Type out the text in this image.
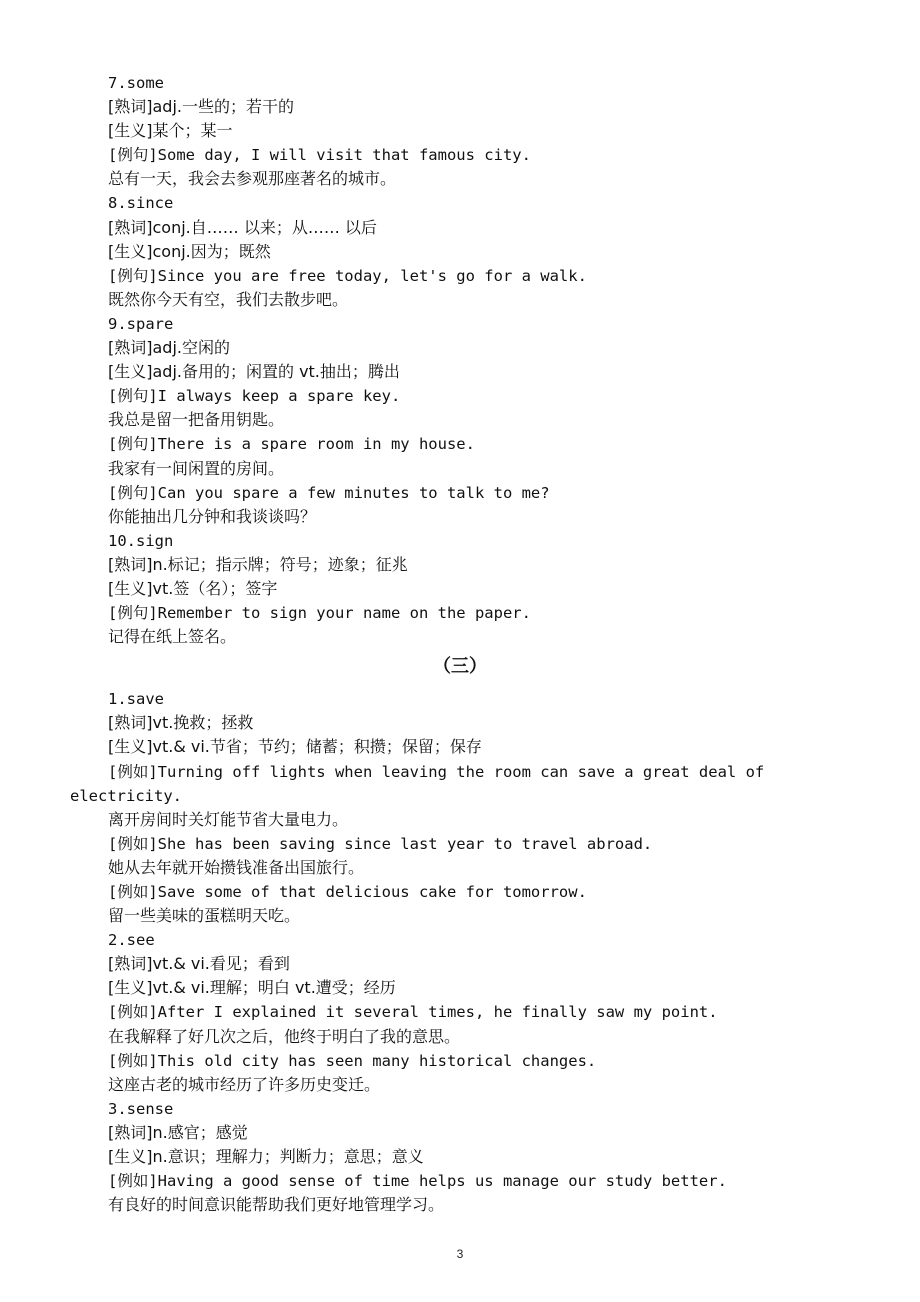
7.some
[熟词]adj.一些的；若干的
[生义]某个；某一
[例句]Some day, I will visit that famous city.
总有一天，我会去参观那座著名的城市。
8.since
[熟词]conj.自…… 以来；从…… 以后
[生义]conj.因为；既然
[例句]Since you are free today, let's go for a walk.
既然你今天有空，我们去散步吧。
9.spare
[熟词]adj.空闲的
[生义]adj.备用的；闲置的 vt.抽出；腾出
[例句]I always keep a spare key.
我总是留一把备用钥匙。
[例句]There is a spare room in my house.
我家有一间闲置的房间。
[例句]Can you spare a few minutes to talk to me?
你能抽出几分钟和我谈谈吗？
10.sign
[熟词]n.标记；指示牌；符号；迹象；征兆
[生义]vt.签（名）；签字
[例句]Remember to sign your name on the paper.
记得在纸上签名。
（三）
1.save
[熟词]vt.挽救；拯救
[生义]vt.& vi.节省；节约；储蓄；积攒；保留；保存
[例如]Turning off lights when leaving the room can save a great deal of electricity.
离开房间时关灯能节省大量电力。
[例如]She has been saving since last year to travel abroad.
她从去年就开始攒钱准备出国旅行。
[例如]Save some of that delicious cake for tomorrow.
留一些美味的蛋糕明天吃。
2.see
[熟词]vt.& vi.看见；看到
[生义]vt.& vi.理解；明白 vt.遭受；经历
[例如]After I explained it several times, he finally saw my point.
在我解释了好几次之后，他终于明白了我的意思。
[例如]This old city has seen many historical changes.
这座古老的城市经历了许多历史变迁。
3.sense
[熟词]n.感官；感觉
[生义]n.意识；理解力；判断力；意思；意义
[例如]Having a good sense of time helps us manage our study better.
有良好的时间意识能帮助我们更好地管理学习。
3
